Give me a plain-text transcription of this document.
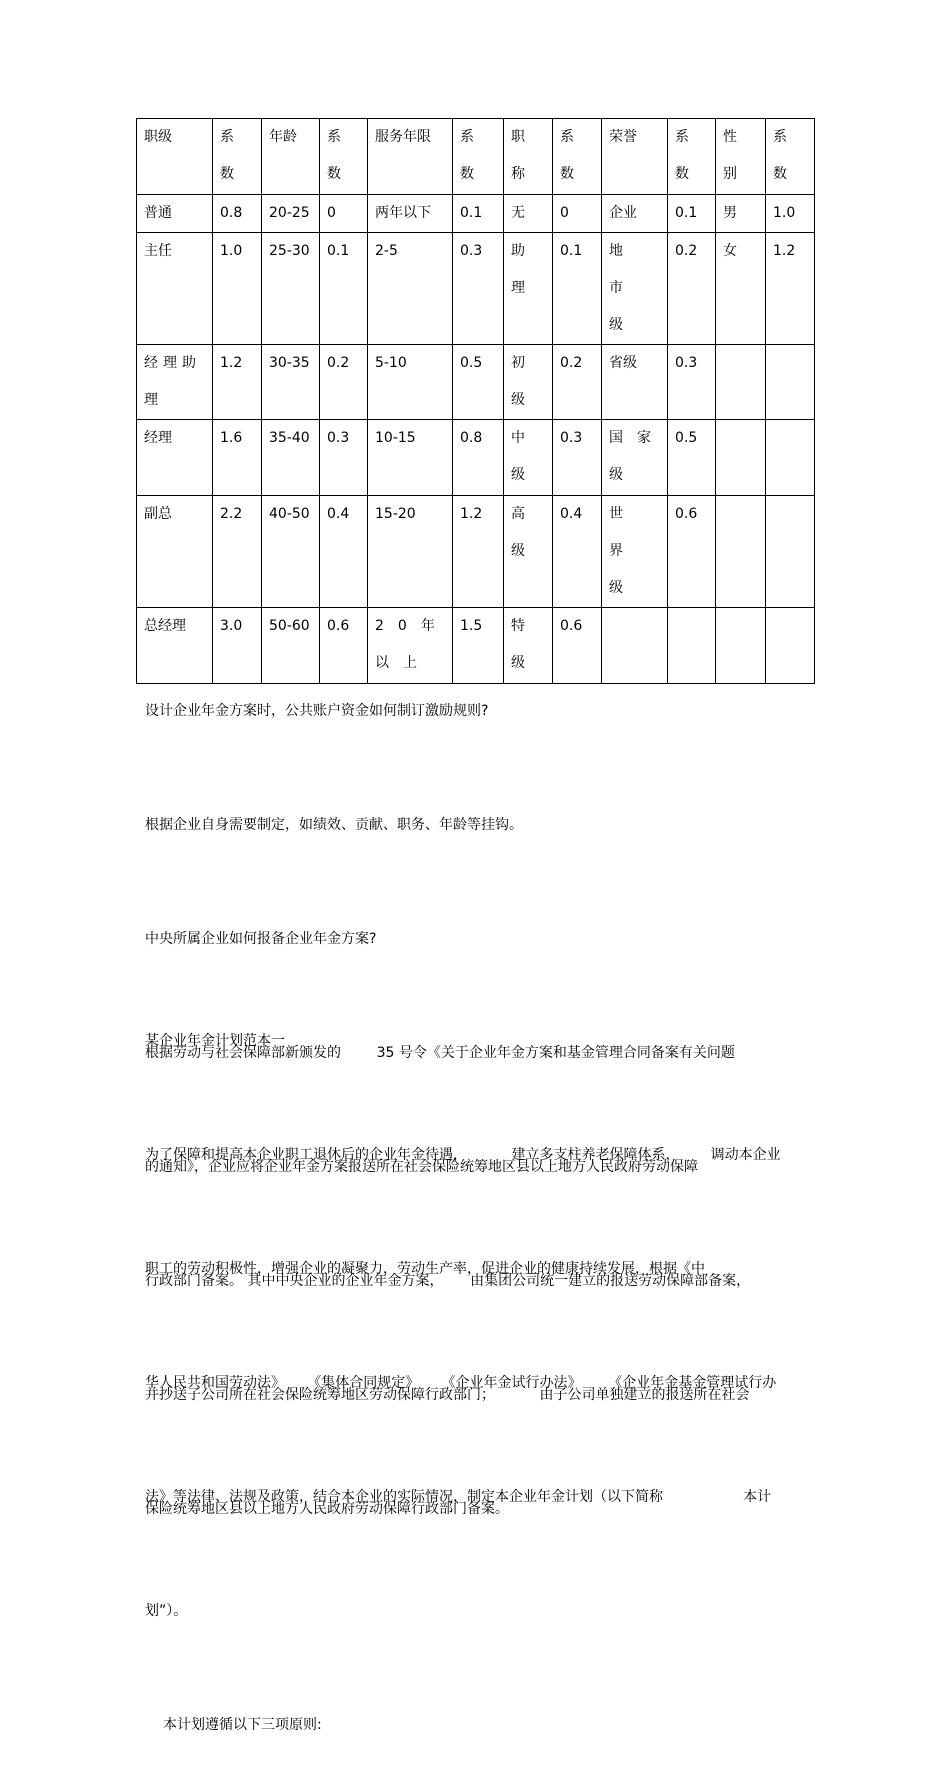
职级	系数	年龄	系数	服务年限	系数	职称	系数	荣誉	系数	性别	系数
普通	0.8	20-25	0	两年以下	0.1	无	0	企业	0.1	男	1.0
主任	1.0	25-30	0.1	2-5	0.3	助理	0.1	地市级	0.2	女	1.2
经理助理	1.2	30-35	0.2	5-10	0.5	初级	0.2	省级	0.3		
经理	1.6	35-40	0.3	10-15	0.8	中级	0.3	国家级	0.5		
副总	2.2	40-50	0.4	15-20	1.2	高级	0.4	世界级	0.6		
总经理	3.0	50-60	0.6	20年以上	1.5	特级	0.6				

设计企业年金方案时，公共账户资金如何制订激励规则?

根据企业自身需要制定，如绩效、贡献、职务、年龄等挂钩。

中央所属企业如何报备企业年金方案?

根据劳动与社会保障部新颁发的        35 号令《关于企业年金方案和基金管理合同备案有关问题

的通知》，企业应将企业年金方案报送所在社会保险统筹地区县以上地方人民政府劳动保障

行政部门备案。 其中中央企业的企业年金方案，      由集团公司统一建立的报送劳动保障部备案，

并抄送子公司所在社会保险统筹地区劳动保障行政部门；          由子公司单独建立的报送所在社会

保险统筹地区县以上地方人民政府劳动保障行政部门备案。

某企业年金计划范本一

为了保障和提高本企业职工退休后的企业年金待遇，          建立多支柱养老保障体系，       调动本企业

职工的劳动积极性，增强企业的凝聚力，劳动生产率，促进企业的健康持续发展，根据《中

华人民共和国劳动法》     《集体合同规定》     《企业年金试行办法》      《企业年金基金管理试行办

法》等法律、法规及政策，结合本企业的实际情况，制定本企业年金计划（以下简称                  本计

划”）。

本计划遵循以下三项原则:
